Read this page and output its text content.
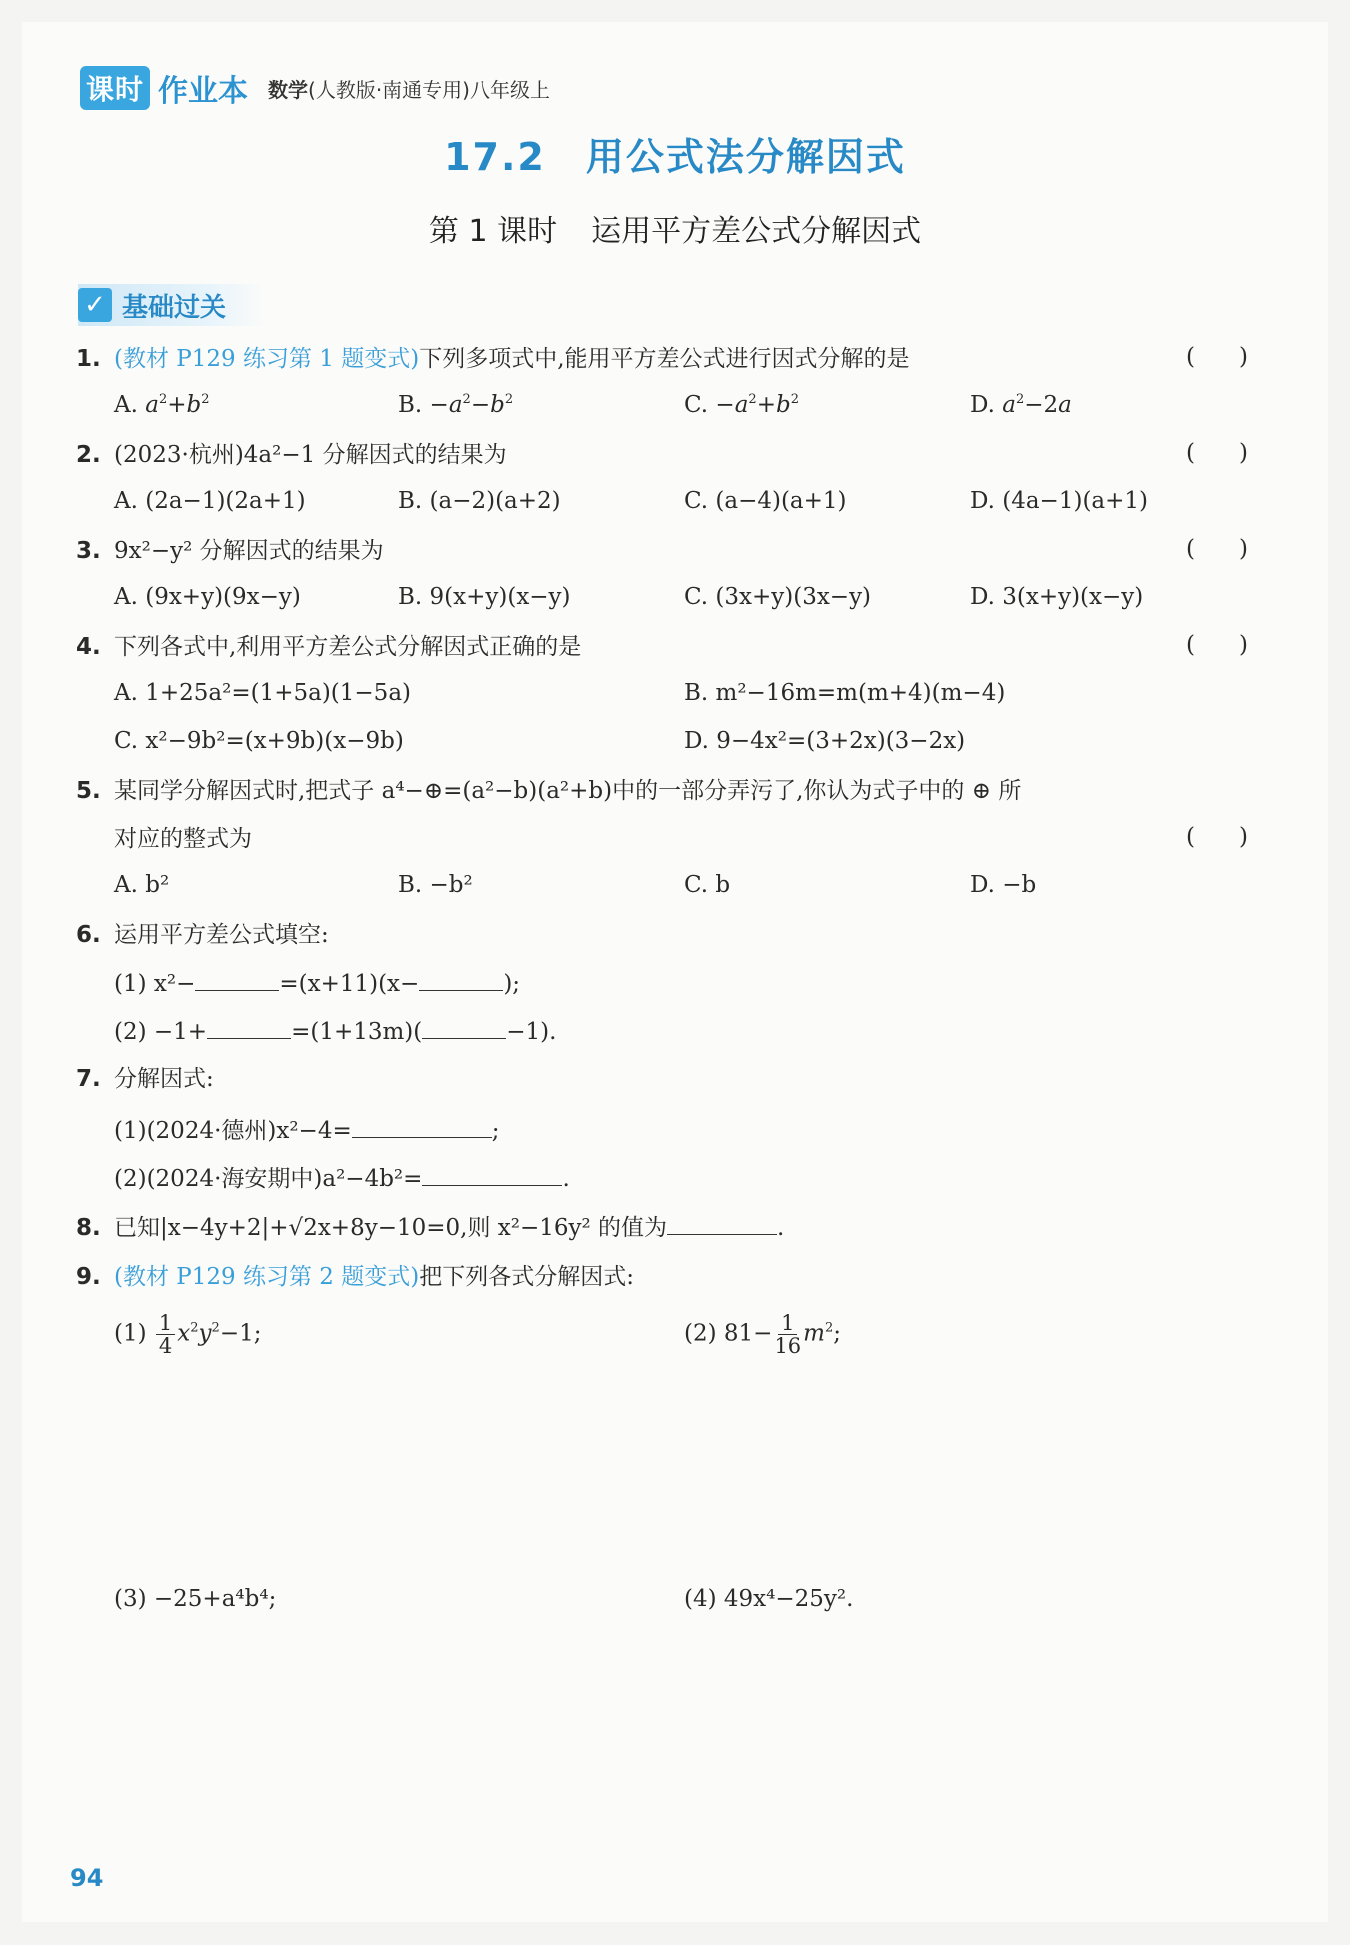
课时 作业本 数学(人教版·南通专用)八年级上
17.2 用公式法分解因式
第 1 课时 运用平方差公式分解因式
✓ 基础过关
1. (教材 P129 练习第 1 题变式)下列多项式中,能用平方差公式进行因式分解的是	()
A. $a^2+b^2$	B. $-a^2-b^2$	C. $-a^2+b^2$	D. $a^2-2a$
2. (2023·杭州)4a²−1 分解因式的结果为	()
A. (2a−1)(2a+1)	B. (a−2)(a+2)	C. (a−4)(a+1)	D. (4a−1)(a+1)
3. 9x²−y² 分解因式的结果为	()
A. (9x+y)(9x−y)	B. 9(x+y)(x−y)	C. (3x+y)(3x−y)	D. 3(x+y)(x−y)
4. 下列各式中,利用平方差公式分解因式正确的是	()
A. 1+25a²=(1+5a)(1−5a)	B. m²−16m=m(m+4)(m−4)
C. x²−9b²=(x+9b)(x−9b)	D. 9−4x²=(3+2x)(3−2x)
5. 某同学分解因式时,把式子 a⁴−⊕=(a²−b)(a²+b)中的一部分弄污了,你认为式子中的 ⊕ 所
对应的整式为	()
A. b²	B. −b²	C. b	D. −b
6. 运用平方差公式填空:
(1) x²−	=(x+11)(x−	);
(2) −1+	=(1+13m)(	−1).
7. 分解因式:
(1)(2024·德州)x²−4=	;
(2)(2024·海安期中)a²−4b²=	.
8. 已知|x−4y+2|+√2x+8y−10=0,则 x²−16y² 的值为	.
9. (教材 P129 练习第 2 题变式)把下列各式分解因式:
$(1) \frac{1}{4} x^2y^2-1$;	(2) $81- \frac{1}{16} m^2$;
(3) −25+a⁴b⁴;	(4) 49x⁴−25y².
94
